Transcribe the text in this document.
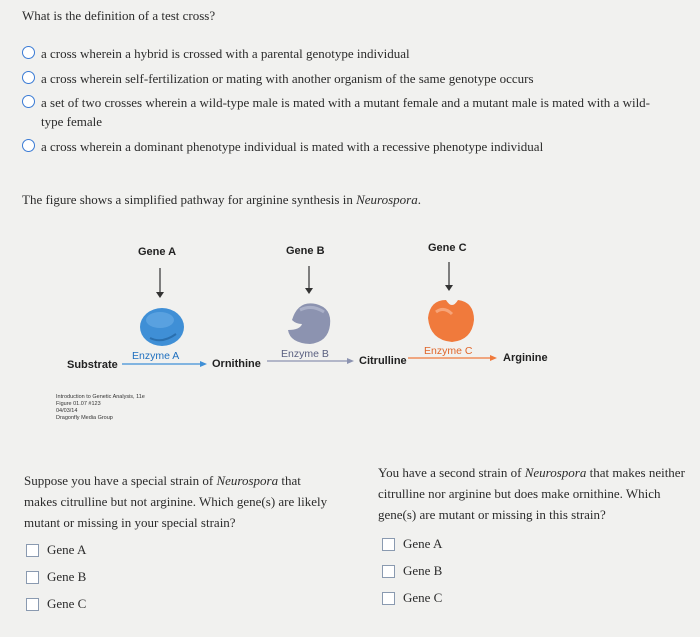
What is the definition of a test cross?
a cross wherein a hybrid is crossed with a parental genotype individual
a cross wherein self-fertilization or mating with another organism of the same genotype occurs
a set of two crosses wherein a wild-type male is mated with a mutant female and a mutant male is mated with a wild-type female
a cross wherein a dominant phenotype individual is mated with a recessive phenotype individual
The figure shows a simplified pathway for arginine synthesis in Neurospora.
Gene A	Gene B	Gene C
Enzyme A	Enzyme B	Enzyme C
Substrate	Ornithine	Citrulline	Arginine
Introduction to Genetic Analysis, 11e
Figure 01.07 #123
04/03/14
Dragonfly Media Group
Suppose you have a special strain of Neurospora that makes citrulline but not arginine. Which gene(s) are likely mutant or missing in your special strain?
Gene A
Gene B
Gene C
You have a second strain of Neurospora that makes neither citrulline nor arginine but does make ornithine. Which gene(s) are mutant or missing in this strain?
Gene A
Gene B
Gene C
